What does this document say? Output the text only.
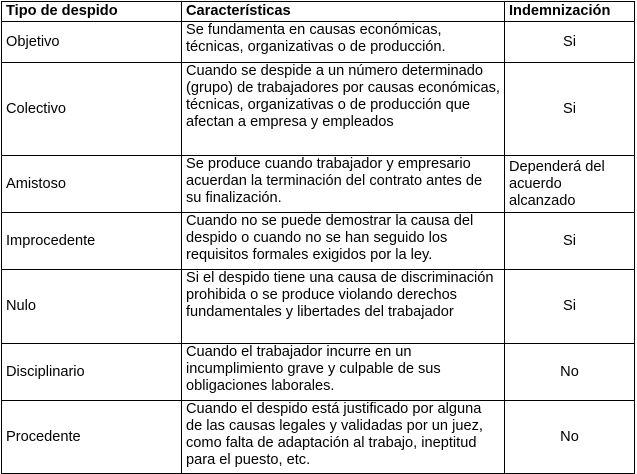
Tipo de despido	Características	Indemnización
Objetivo	Se fundamenta en causas económicas, técnicas, organizativas o de producción.	Si
Colectivo	Cuando se despide a un número determinado (grupo) de trabajadores por causas económicas, técnicas, organizativas o de producción que afectan a empresa y empleados	Si
Amistoso	Se produce cuando trabajador y empresario acuerdan la terminación del contrato antes de su finalización.	Dependerá del acuerdo alcanzado
Improcedente	Cuando no se puede demostrar la causa del despido o cuando no se han seguido los requisitos formales exigidos por la ley.	Si
Nulo	Si el despido tiene una causa de discriminación prohibida o se produce violando derechos fundamentales y libertades del trabajador	Si
Disciplinario	Cuando el trabajador incurre en un incumplimiento grave y culpable de sus obligaciones laborales.	No
Procedente	Cuando el despido está justificado por alguna de las causas legales y validadas por un juez, como falta de adaptación al trabajo, ineptitud para el puesto, etc.	No
